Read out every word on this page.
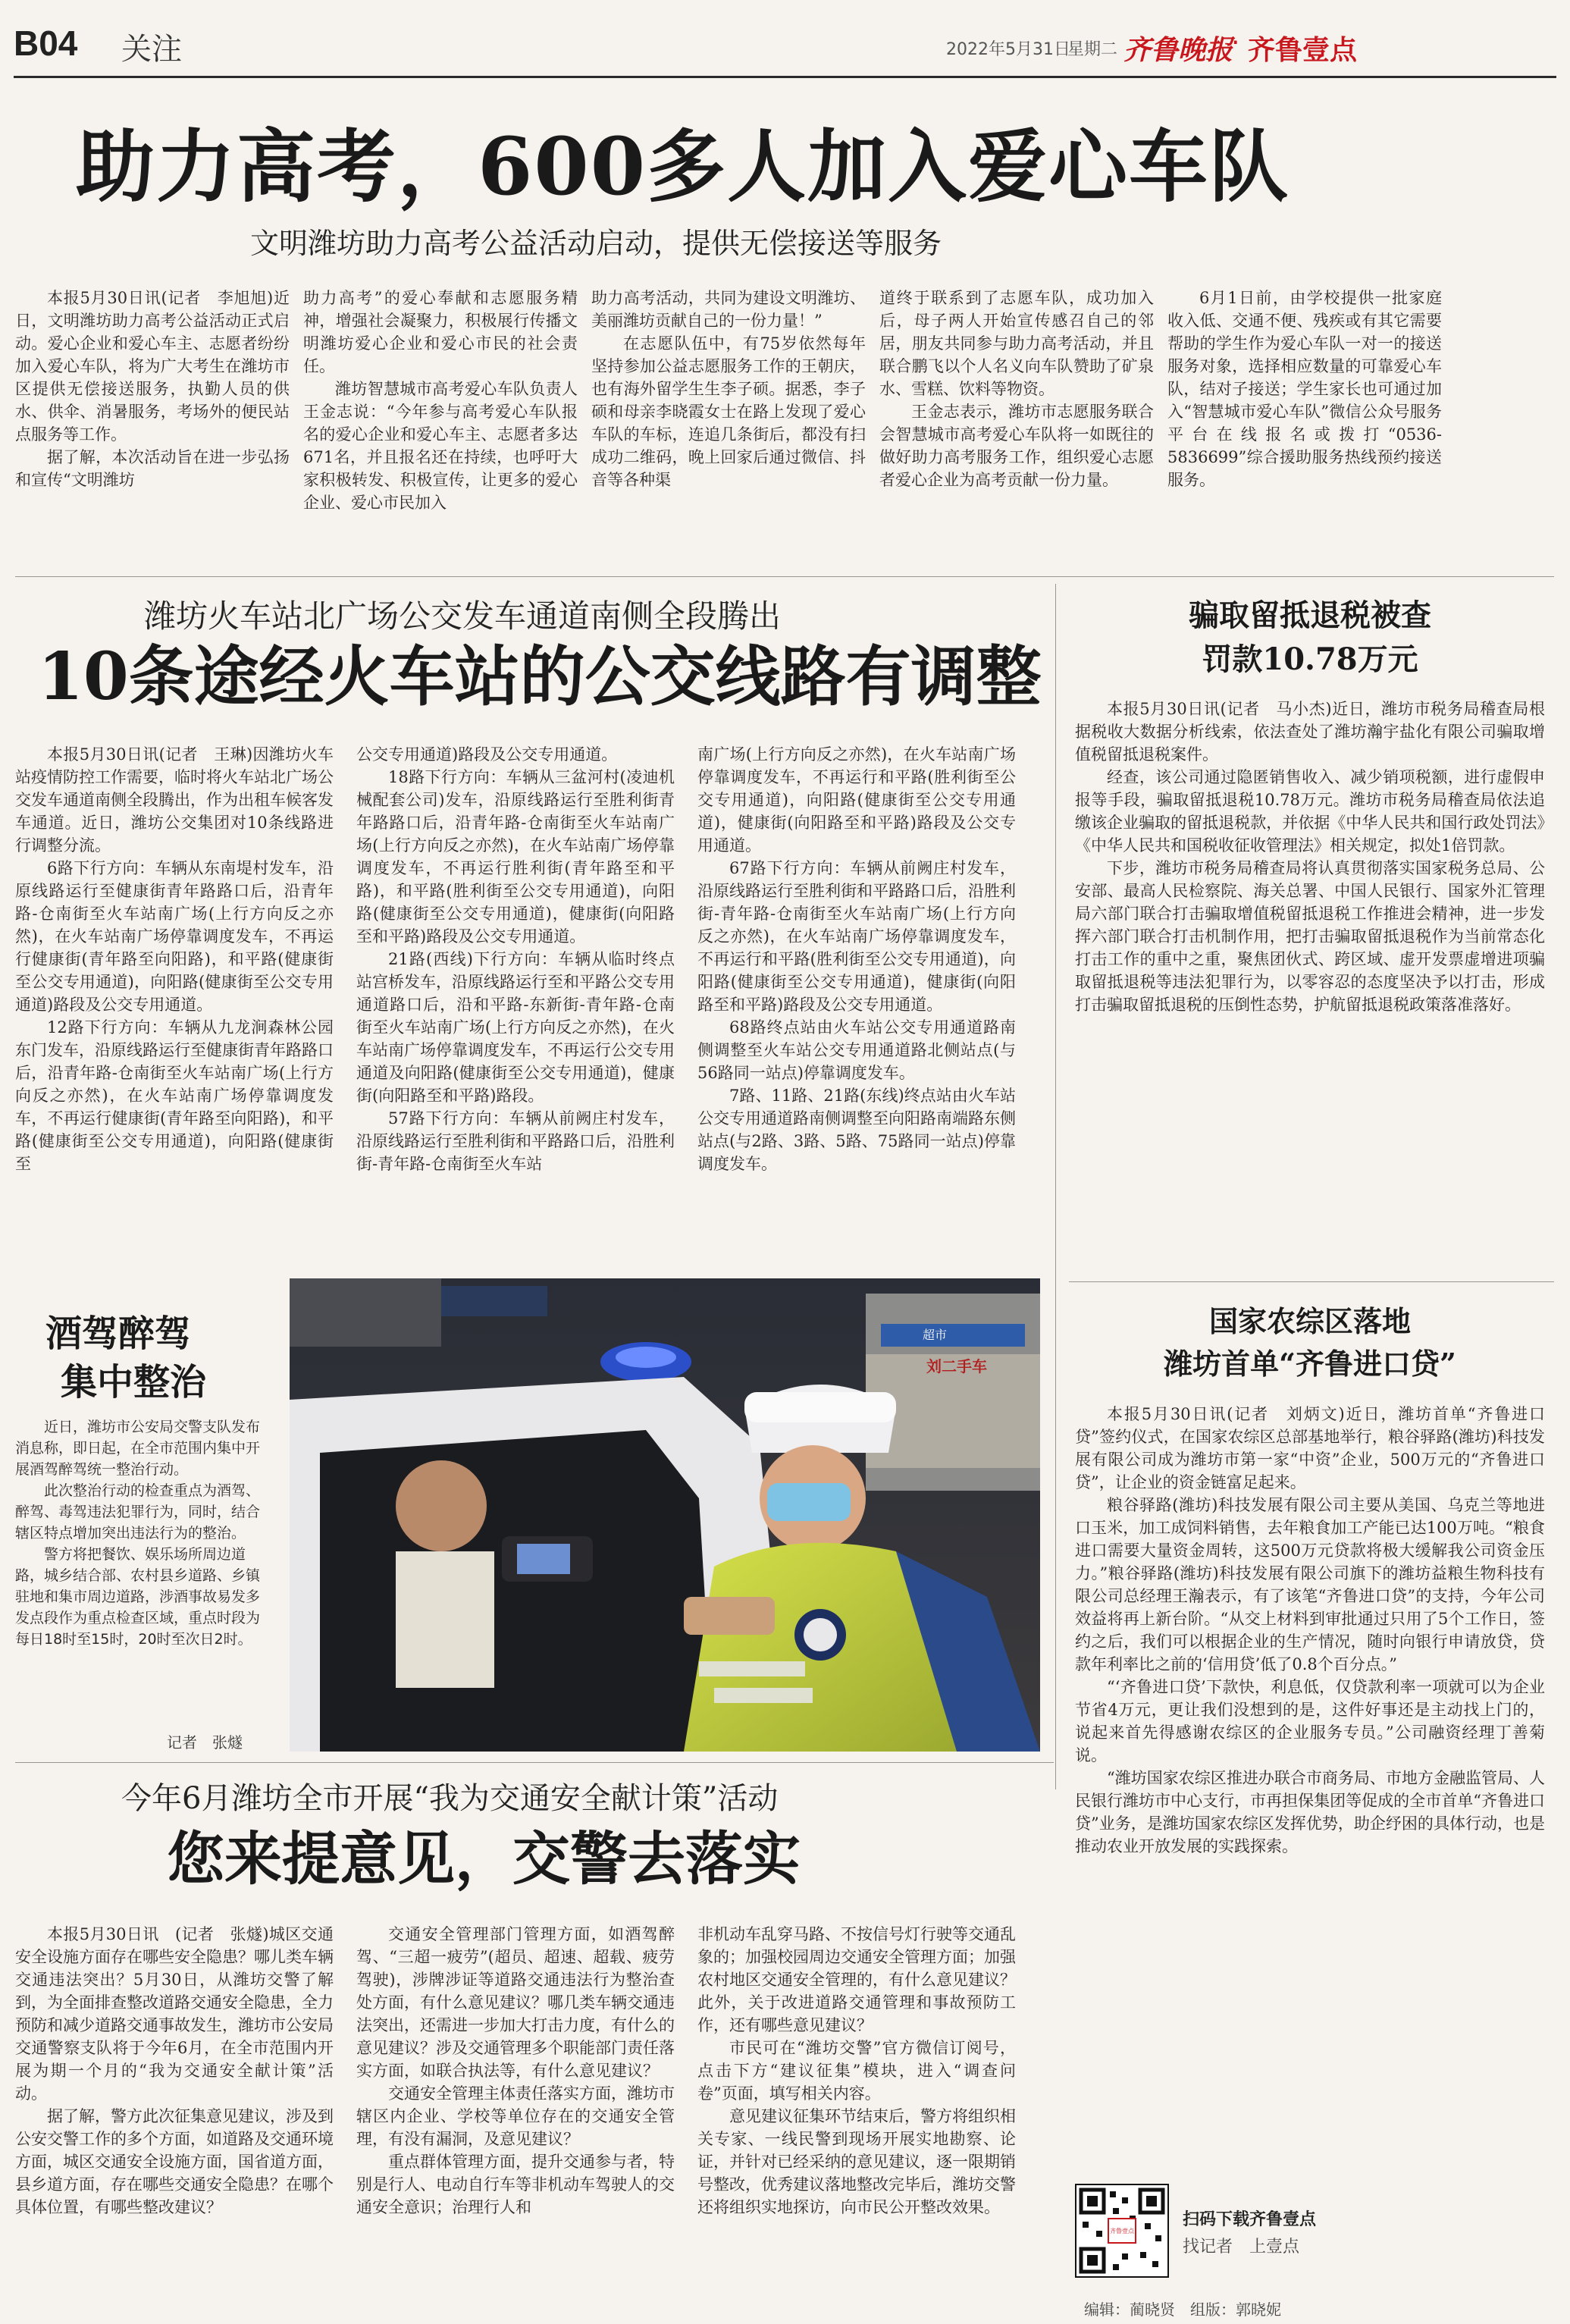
B04 关注	2022年5月31日
星期二 齐鲁晚报
· 齐鲁壹点
助力高考，600多人加入爱心车队
文明潍坊助力高考公益活动启动，提供无偿接送等服务

本报5月30日讯(记者　李旭旭)近日，文明潍坊助力高考公益活动正式启动。爱心企业和爱心车主、志愿者纷纷加入爱心车队，将为广大考生在潍坊市区提供无偿接送服务，执勤人员的供水、供伞、消暑服务，考场外的便民站点服务等工作。

据了解，本次活动旨在进一步弘扬和宣传“文明潍坊

助力高考”的爱心奉献和志愿服务精神，增强社会凝聚力，积极展行传播文明潍坊爱心企业和爱心市民的社会责任。

潍坊智慧城市高考爱心车队负责人王金志说：“今年参与高考爱心车队报名的爱心企业和爱心车主、志愿者多达671名，并且报名还在持续，也呼吁大家积极转发、积极宣传，让更多的爱心企业、爱心市民加入

助力高考活动，共同为建设文明潍坊、美丽潍坊贡献自己的一份力量！”

在志愿队伍中，有75岁依然每年坚持参加公益志愿服务工作的王朝庆，也有海外留学生生李子硕。据悉，李子硕和母亲李晓霞女士在路上发现了爱心车队的车标，连追几条街后，都没有扫成功二维码，晚上回家后通过微信、抖音等各种渠

道终于联系到了志愿车队，成功加入后，母子两人开始宣传感召自己的邻居，朋友共同参与助力高考活动，并且联合鹏飞以个人名义向车队赞助了矿泉水、雪糕、饮料等物资。

王金志表示，潍坊市志愿服务联合会智慧城市高考爱心车队将一如既往的做好助力高考服务工作，组织爱心志愿者爱心企业为高考贡献一份力量。

6月1日前，由学校提供一批家庭收入低、交通不便、残疾或有其它需要帮助的学生作为爱心车队一对一的接送服务对象，选择相应数量的可靠爱心车队，结对子接送；学生家长也可通过加入“智慧城市爱心车队”微信公众号服务平台在线报名或拨打“0536-5836699”综合援助服务热线预约接送服务。

潍坊火车站北广场公交发车通道南侧全段腾出
10条途经火车站的公交线路有调整

本报5月30日讯(记者　王琳)因潍坊火车站疫情防控工作需要，临时将火车站北广场公交发车通道南侧全段腾出，作为出租车候客发车通道。近日，潍坊公交集团对10条线路进行调整分流。

6路下行方向：车辆从东南堤村发车，沿原线路运行至健康街青年路路口后，沿青年路-仓南街至火车站南广场(上行方向反之亦然)，在火车站南广场停靠调度发车，不再运行健康街(青年路至向阳路)，和平路(健康街至公交专用通道)，向阳路(健康街至公交专用通道)路段及公交专用通道。

12路下行方向：车辆从九龙涧森林公园东门发车，沿原线路运行至健康街青年路路口后，沿青年路-仓南街至火车站南广场(上行方向反之亦然)，在火车站南广场停靠调度发车，不再运行健康街(青年路至向阳路)，和平路(健康街至公交专用通道)，向阳路(健康街至

公交专用通道)路段及公交专用通道。

18路下行方向：车辆从三盆河村(凌迪机械配套公司)发车，沿原线路运行至胜利街青年路路口后，沿青年路-仓南街至火车站南广场(上行方向反之亦然)，在火车站南广场停靠调度发车，不再运行胜利街(青年路至和平路)，和平路(胜利街至公交专用通道)，向阳路(健康街至公交专用通道)，健康街(向阳路至和平路)路段及公交专用通道。

21路(西线)下行方向：车辆从临时终点站宫桥发车，沿原线路运行至和平路公交专用通道路口后，沿和平路-东新街-青年路-仓南街至火车站南广场(上行方向反之亦然)，在火车站南广场停靠调度发车，不再运行公交专用通道及向阳路(健康街至公交专用通道)，健康街(向阳路至和平路)路段。

57路下行方向：车辆从前阙庄村发车，沿原线路运行至胜利街和平路路口后，沿胜利街-青年路-仓南街至火车站

南广场(上行方向反之亦然)，在火车站南广场停靠调度发车，不再运行和平路(胜利街至公交专用通道)，向阳路(健康街至公交专用通道)，健康街(向阳路至和平路)路段及公交专用通道。

67路下行方向：车辆从前阙庄村发车，沿原线路运行至胜利街和平路路口后，沿胜利街-青年路-仓南街至火车站南广场(上行方向反之亦然)，在火车站南广场停靠调度发车，不再运行和平路(胜利街至公交专用通道)，向阳路(健康街至公交专用通道)，健康街(向阳路至和平路)路段及公交专用通道。

68路终点站由火车站公交专用通道路南侧调整至火车站公交专用通道路北侧站点(与56路同一站点)停靠调度发车。

7路、11路、21路(东线)终点站由火车站公交专用通道路南侧调整至向阳路南端路东侧站点(与2路、3路、5路、75路同一站点)停靠调度发车。

骗取留抵退税被查
罚款10.78万元

本报5月30日讯(记者　马小杰)近日，潍坊市税务局稽查局根据税收大数据分析线索，依法查处了潍坊瀚宇盐化有限公司骗取增值税留抵退税案件。

经查，该公司通过隐匿销售收入、减少销项税额，进行虚假申报等手段，骗取留抵退税10.78万元。潍坊市税务局稽查局依法追缴该企业骗取的留抵退税款，并依据《中华人民共和国行政处罚法》《中华人民共和国税收征收管理法》相关规定，拟处1倍罚款。

下步，潍坊市税务局稽查局将认真贯彻落实国家税务总局、公安部、最高人民检察院、海关总署、中国人民银行、国家外汇管理局六部门联合打击骗取增值税留抵退税工作推进会精神，进一步发挥六部门联合打击机制作用，把打击骗取留抵退税作为当前常态化打击工作的重中之重，聚焦团伙式、跨区域、虚开发票虚增进项骗取留抵退税等违法犯罪行为，以零容忍的态度坚决予以打击，形成打击骗取留抵退税的压倒性态势，护航留抵退税政策落准落好。

国家农综区落地
潍坊首单“齐鲁进口贷”

本报5月30日讯(记者　刘炳文)近日，潍坊首单“齐鲁进口贷”签约仪式，在国家农综区总部基地举行，粮谷驿路(潍坊)科技发展有限公司成为潍坊市第一家“中资”企业，500万元的“齐鲁进口贷”，让企业的资金链富足起来。

粮谷驿路(潍坊)科技发展有限公司主要从美国、乌克兰等地进口玉米，加工成饲料销售，去年粮食加工产能已达100万吨。“粮食进口需要大量资金周转，这500万元贷款将极大缓解我公司资金压力。”粮谷驿路(潍坊)科技发展有限公司旗下的潍坊益粮生物科技有限公司总经理王瀚表示，有了该笔“齐鲁进口贷”的支持，今年公司效益将再上新台阶。“从交上材料到审批通过只用了5个工作日，签约之后，我们可以根据企业的生产情况，随时向银行申请放贷，贷款年利率比之前的‘信用贷’低了0.8个百分点。”

“‘齐鲁进口贷’下款快，利息低，仅贷款利率一项就可以为企业节省4万元，更让我们没想到的是，这件好事还是主动找上门的，说起来首先得感谢农综区的企业服务专员。”公司融资经理丁善菊说。

“潍坊国家农综区推进办联合市商务局、市地方金融监管局、人民银行潍坊市中心支行，市再担保集团等促成的全市首单“齐鲁进口贷”业务，是潍坊国家农综区发挥优势，助企纾困的具体行动，也是推动农业开放发展的实践探索。

齐鲁壹点
扫码下载齐鲁壹点
找记者　上壹点
编辑：蔺晓贤　组版：郭晓妮
酒驾醉驾
集中整治

近日，潍坊市公安局交警支队发布消息称，即日起，在全市范围内集中开展酒驾醉驾统一整治行动。

此次整治行动的检查重点为酒驾、醉驾、毒驾违法犯罪行为，同时，结合辖区特点增加突出违法行为的整治。

警方将把餐饮、娱乐场所周边道路，城乡结合部、农村县乡道路、乡镇驻地和集市周边道路，涉酒事故易发多发点段作为重点检查区域，重点时段为每日18时至15时，20时至次日2时。

记者　张燧
超市
刘二手车
今年6月潍坊全市开展“我为交通安全献计策”活动
您来提意见，交警去落实

本报5月30日讯　(记者　张燧)城区交通安全设施方面存在哪些安全隐患？哪儿类车辆交通违法突出？5月30日，从潍坊交警了解到，为全面排查整改道路交通安全隐患，全力预防和减少道路交通事故发生，潍坊市公安局交通警察支队将于今年6月，在全市范围内开展为期一个月的“我为交通安全献计策”活动。

据了解，警方此次征集意见建议，涉及到公安交警工作的多个方面，如道路及交通环境方面，城区交通安全设施方面，国省道方面，县乡道方面，存在哪些交通安全隐患？在哪个具体位置，有哪些整改建议？

交通安全管理部门管理方面，如酒驾醉驾、“三超一疲劳”(超员、超速、超载、疲劳驾驶)，涉牌涉证等道路交通违法行为整治查处方面，有什么意见建议？哪几类车辆交通违法突出，还需进一步加大打击力度，有什么的意见建议？涉及交通管理多个职能部门责任落实方面，如联合执法等，有什么意见建议？

交通安全管理主体责任落实方面，潍坊市辖区内企业、学校等单位存在的交通安全管理，有没有漏洞，及意见建议？

重点群体管理方面，提升交通参与者，特别是行人、电动自行车等非机动车驾驶人的交通安全意识；治理行人和

非机动车乱穿马路、不按信号灯行驶等交通乱象的；加强校园周边交通安全管理方面；加强农村地区交通安全管理的，有什么意见建议？此外，关于改进道路交通管理和事故预防工作，还有哪些意见建议？

市民可在“潍坊交警”官方微信订阅号，点击下方“建议征集”模块，进入“调查问卷”页面，填写相关内容。

意见建议征集环节结束后，警方将组织相关专家、一线民警到现场开展实地勘察、论证，并针对已经采纳的意见建议，逐一限期销号整改，优秀建议落地整改完毕后，潍坊交警还将组织实地探访，向市民公开整改效果。
